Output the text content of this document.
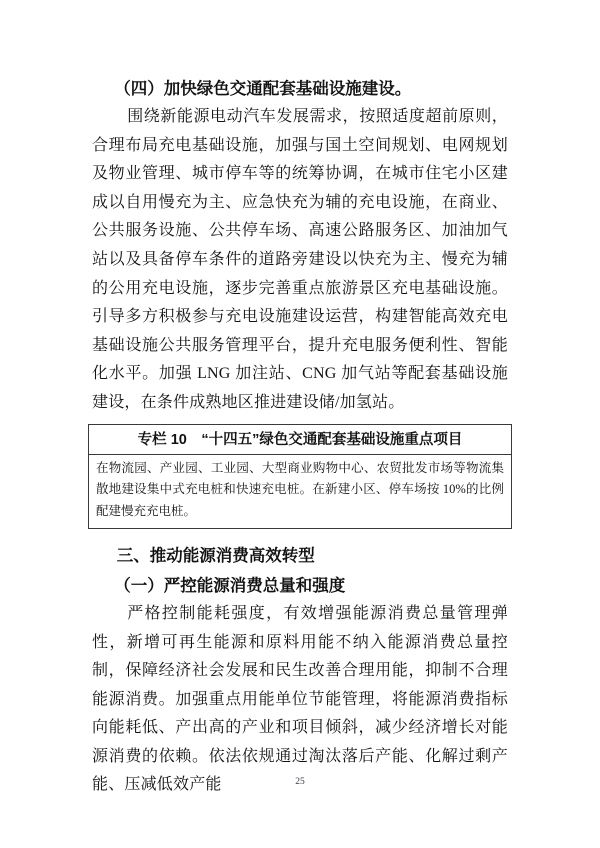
（四）加快绿色交通配套基础设施建设。

围绕新能源电动汽车发展需求，按照适度超前原则，合理布局充电基础设施，加强与国土空间规划、电网规划及物业管理、城市停车等的统筹协调，在城市住宅小区建成以自用慢充为主、应急快充为辅的充电设施，在商业、公共服务设施、公共停车场、高速公路服务区、加油加气站以及具备停车条件的道路旁建设以快充为主、慢充为辅的公用充电设施，逐步完善重点旅游景区充电基础设施。引导多方积极参与充电设施建设运营，构建智能高效充电基础设施公共服务管理平台，提升充电服务便利性、智能化水平。加强 LNG 加注站、CNG 加气站等配套基础设施建设，在条件成熟地区推进建设储/加氢站。

专栏 10　“十四五”绿色交通配套基础设施重点项目
在物流园、产业园、工业园、大型商业购物中心、农贸批发市场等物流集散地建设集中式充电桩和快速充电桩。在新建小区、停车场按 10%的比例配建慢充充电桩。
三、推动能源消费高效转型
（一）严控能源消费总量和强度

严格控制能耗强度，有效增强能源消费总量管理弹性，新增可再生能源和原料用能不纳入能源消费总量控制，保障经济社会发展和民生改善合理用能，抑制不合理能源消费。加强重点用能单位节能管理，将能源消费指标向能耗低、产出高的产业和项目倾斜，减少经济增长对能源消费的依赖。依法依规通过淘汰落后产能、化解过剩产能、压减低效产能	25
